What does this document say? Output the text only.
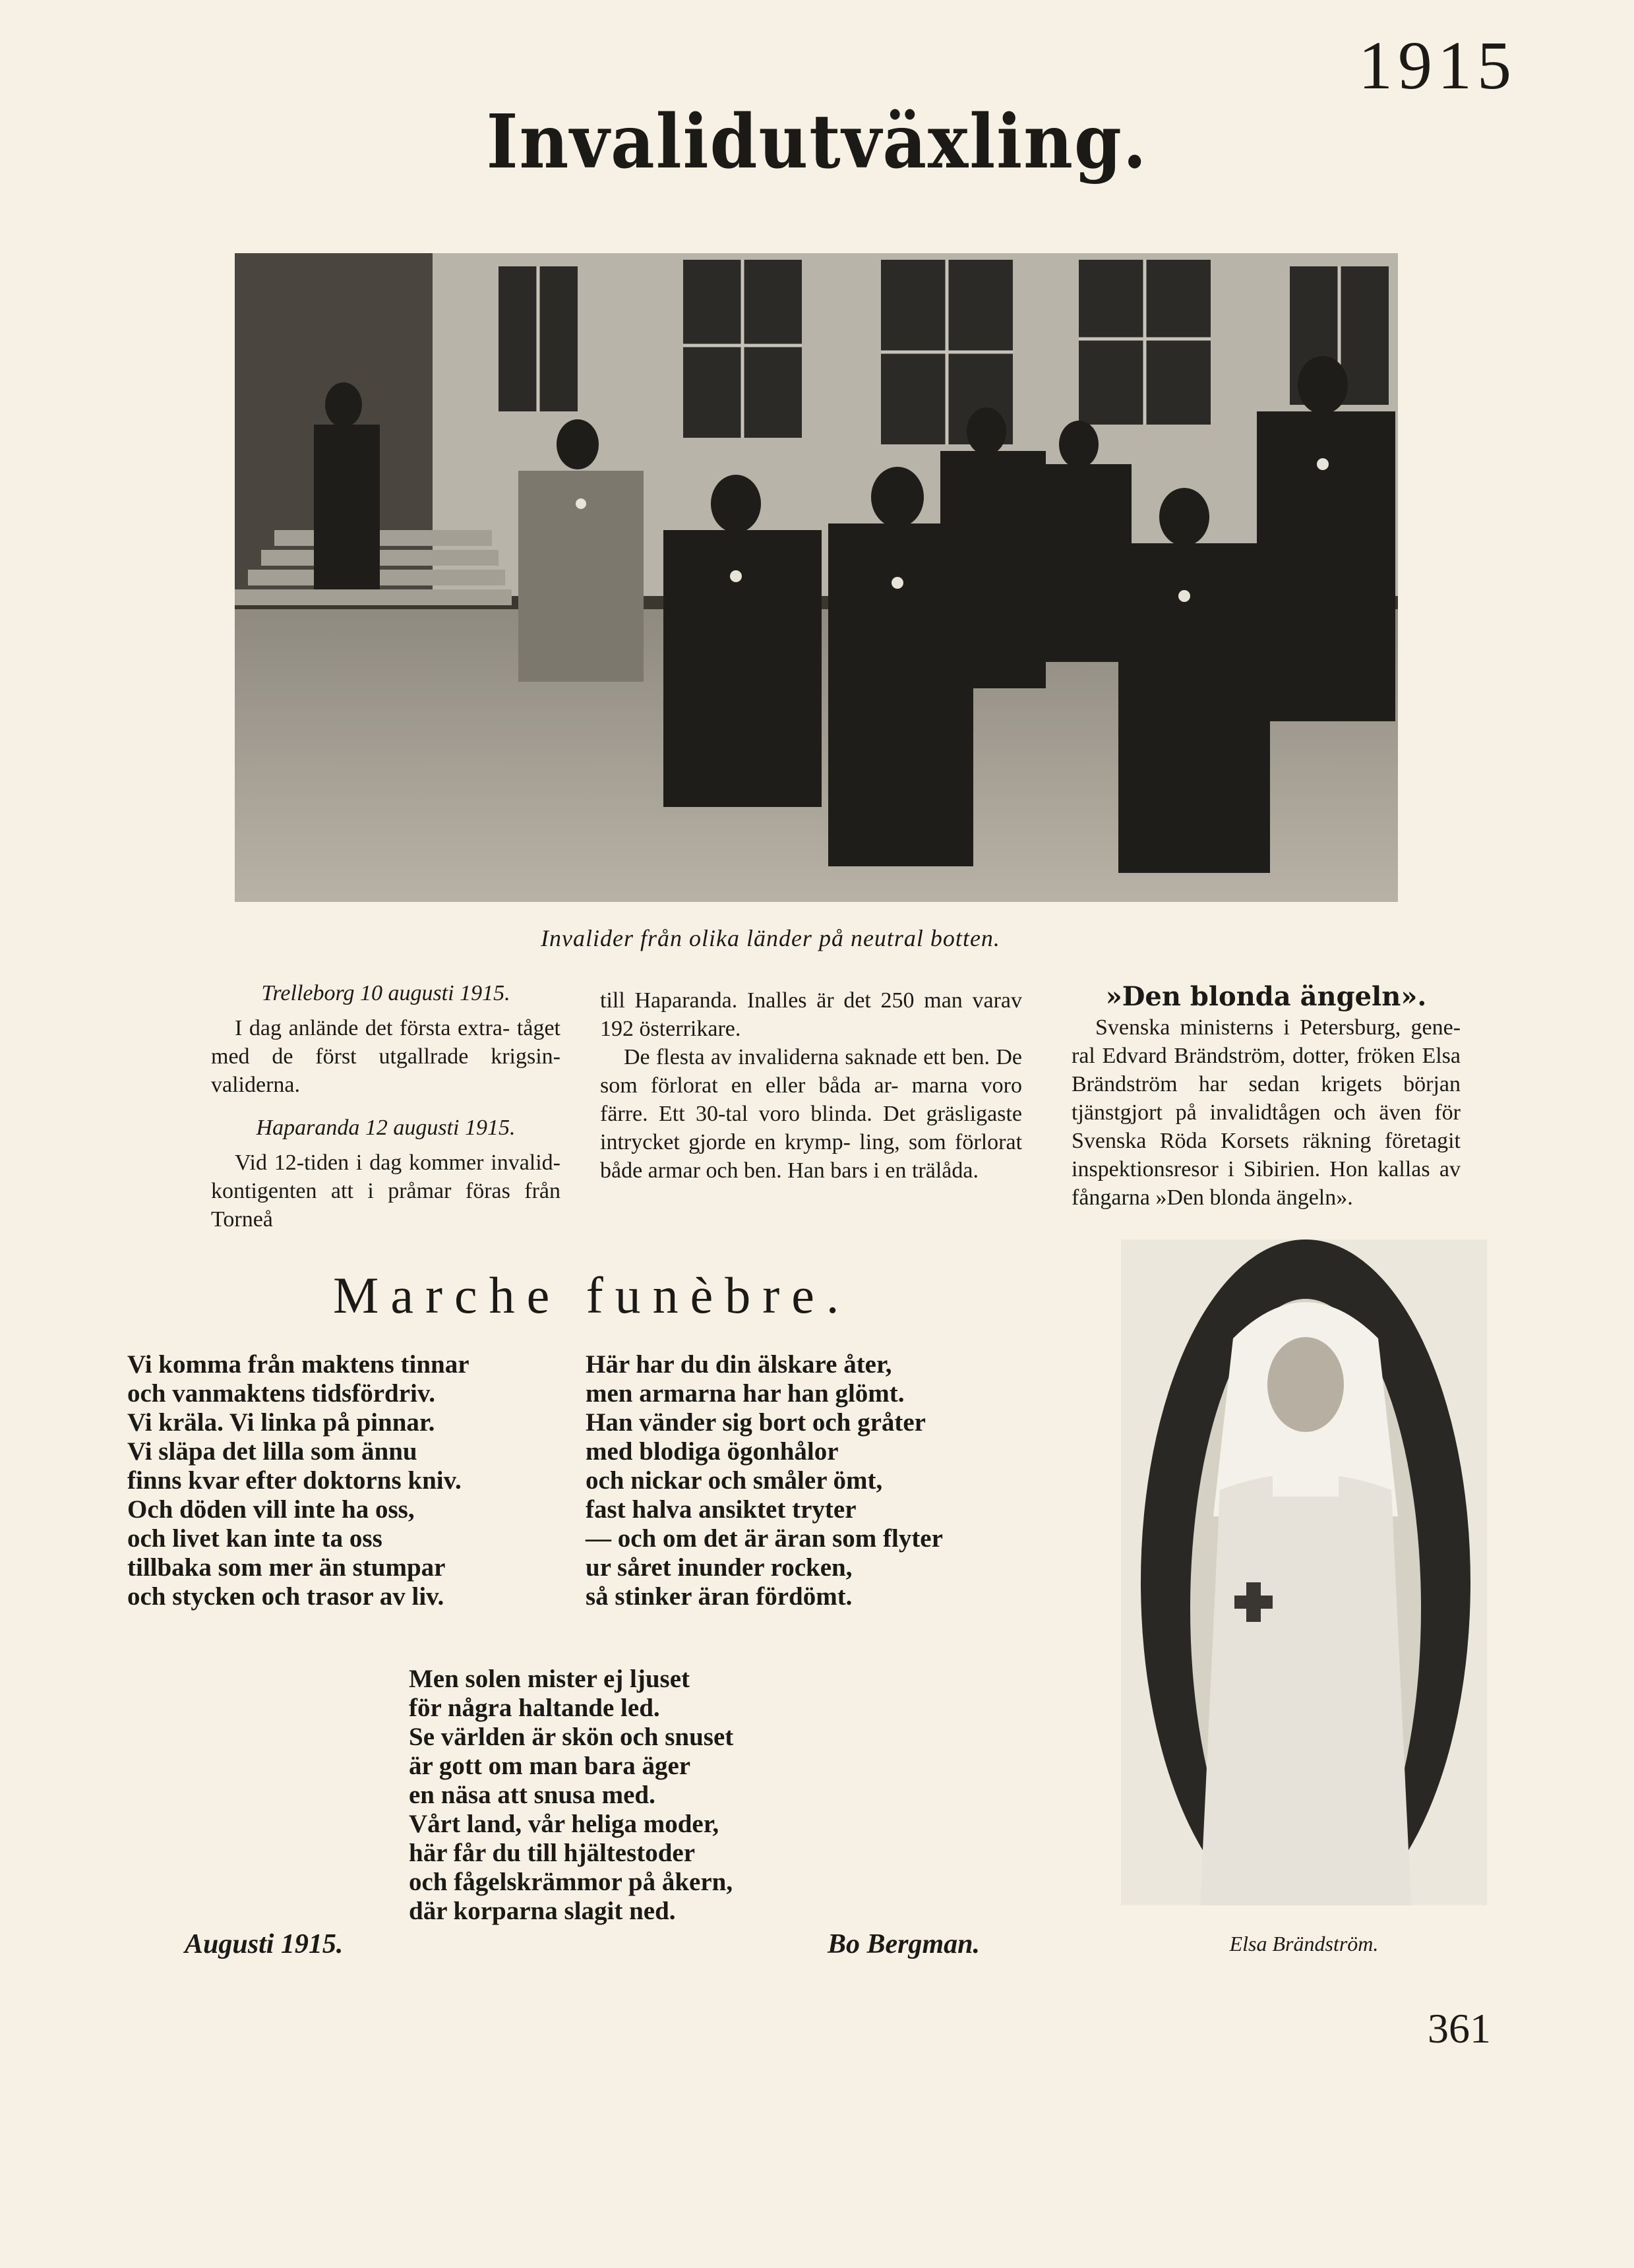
1915
Invalidutväxling.
Invalider från olika länder på neutral botten.

Trelleborg 10 augusti 1915.

I dag anlände det första extra- tåget med de först utgallrade krigsin- validerna.

Haparanda 12 augusti 1915.

Vid 12-tiden i dag kommer invalid- kontigenten att i pråmar föras från Torneå

till Haparanda. Inalles är det 250 man varav 192 österrikare.

De flesta av invaliderna saknade ett ben. De som förlorat en eller båda ar- marna voro färre. Ett 30-tal voro blinda. Det gräsligaste intrycket gjorde en krymp- ling, som förlorat både armar och ben. Han bars i en trälåda.

»Den blonda ängeln».

Svenska ministerns i Petersburg, gene- ral Edvard Brändström, dotter, fröken Elsa Brändström har sedan krigets början tjänstgjort på invalidtågen och även för Svenska Röda Korsets räkning företagit inspektionsresor i Sibirien. Hon kallas av fångarna »Den blonda ängeln».

Marche funèbre.
Vi komma från maktens tinnar
och vanmaktens tidsfördriv.
Vi kräla. Vi linka på pinnar.
Vi släpa det lilla som ännu
finns kvar efter doktorns kniv.
Och döden vill inte ha oss,
och livet kan inte ta oss
tillbaka som mer än stumpar
och stycken och trasor av liv.
Här har du din älskare åter,
men armarna har han glömt.
Han vänder sig bort och gråter
med blodiga ögonhålor
och nickar och småler ömt,
fast halva ansiktet tryter
— och om det är äran som flyter
ur såret inunder rocken,
så stinker äran fördömt.
Men solen mister ej ljuset
för några haltande led.
Se världen är skön och snuset
är gott om man bara äger
en näsa att snusa med.
Vårt land, vår heliga moder,
här får du till hjältestoder
och fågelskrämmor på åkern,
där korparna slagit ned.
Augusti 1915.	Bo Bergman.	Elsa Brändström.
361
